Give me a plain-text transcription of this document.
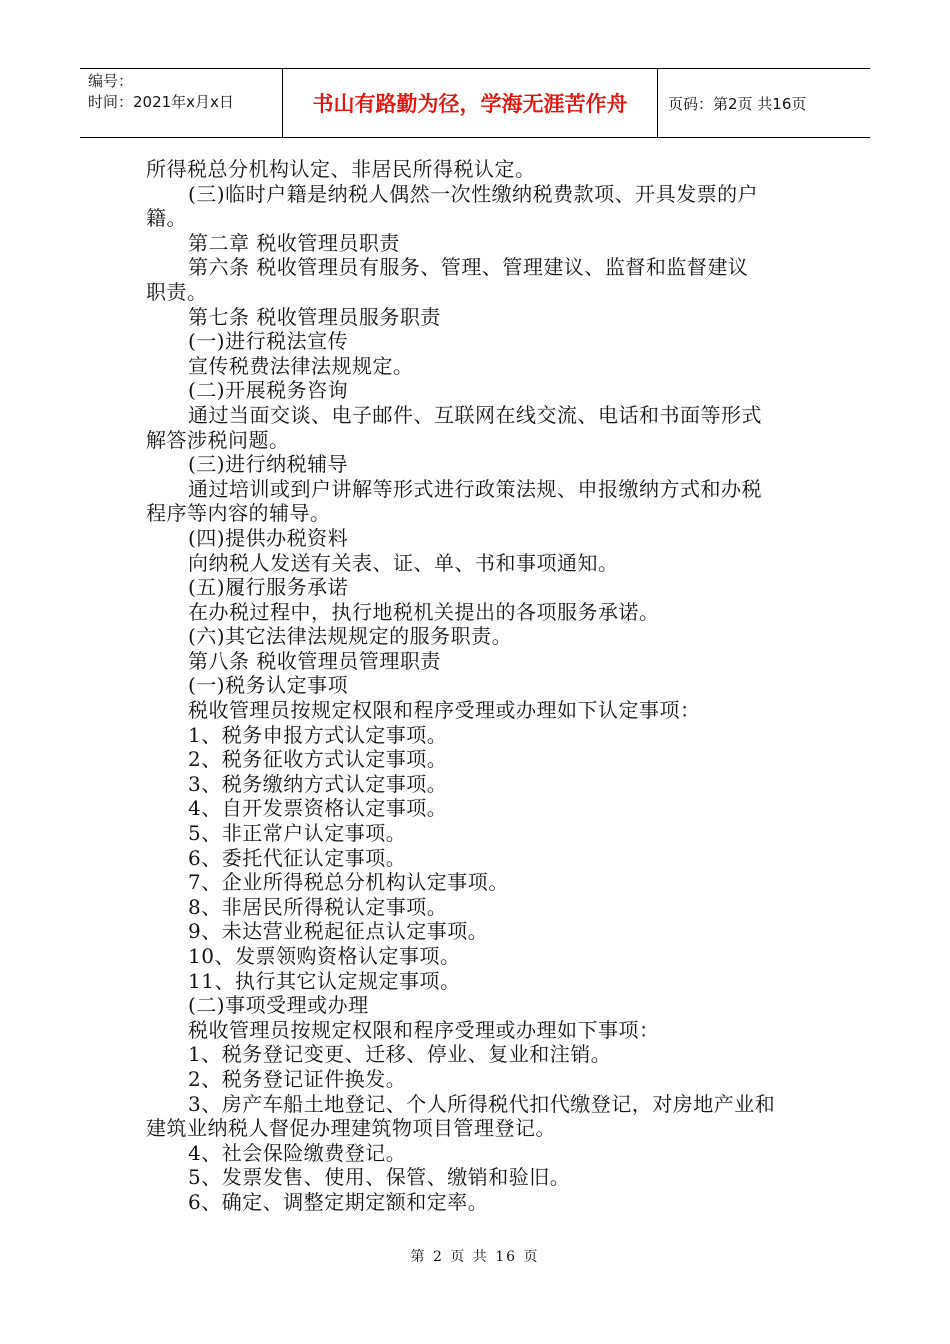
编号：
时间：2021年x月x日	书山有路勤为径，学海无涯苦作舟	页码：第2页 共16页
所得税总分机构认定、非居民所得税认定。
(三)临时户籍是纳税人偶然一次性缴纳税费款项、开具发票的户
籍。
第二章 税收管理员职责
第六条 税收管理员有服务、管理、管理建议、监督和监督建议
职责。
第七条 税收管理员服务职责
(一)进行税法宣传
宣传税费法律法规规定。
(二)开展税务咨询
通过当面交谈、电子邮件、互联网在线交流、电话和书面等形式
解答涉税问题。
(三)进行纳税辅导
通过培训或到户讲解等形式进行政策法规、申报缴纳方式和办税
程序等内容的辅导。
(四)提供办税资料
向纳税人发送有关表、证、单、书和事项通知。
(五)履行服务承诺
在办税过程中，执行地税机关提出的各项服务承诺。
(六)其它法律法规规定的服务职责。
第八条 税收管理员管理职责
(一)税务认定事项
税收管理员按规定权限和程序受理或办理如下认定事项：
1、税务申报方式认定事项。
2、税务征收方式认定事项。
3、税务缴纳方式认定事项。
4、自开发票资格认定事项。
5、非正常户认定事项。
6、委托代征认定事项。
7、企业所得税总分机构认定事项。
8、非居民所得税认定事项。
9、未达营业税起征点认定事项。
10、发票领购资格认定事项。
11、执行其它认定规定事项。
(二)事项受理或办理
税收管理员按规定权限和程序受理或办理如下事项：
1、税务登记变更、迁移、停业、复业和注销。
2、税务登记证件换发。
3、房产车船土地登记、个人所得税代扣代缴登记，对房地产业和
建筑业纳税人督促办理建筑物项目管理登记。
4、社会保险缴费登记。
5、发票发售、使用、保管、缴销和验旧。
6、确定、调整定期定额和定率。
第 2 页 共 16 页
